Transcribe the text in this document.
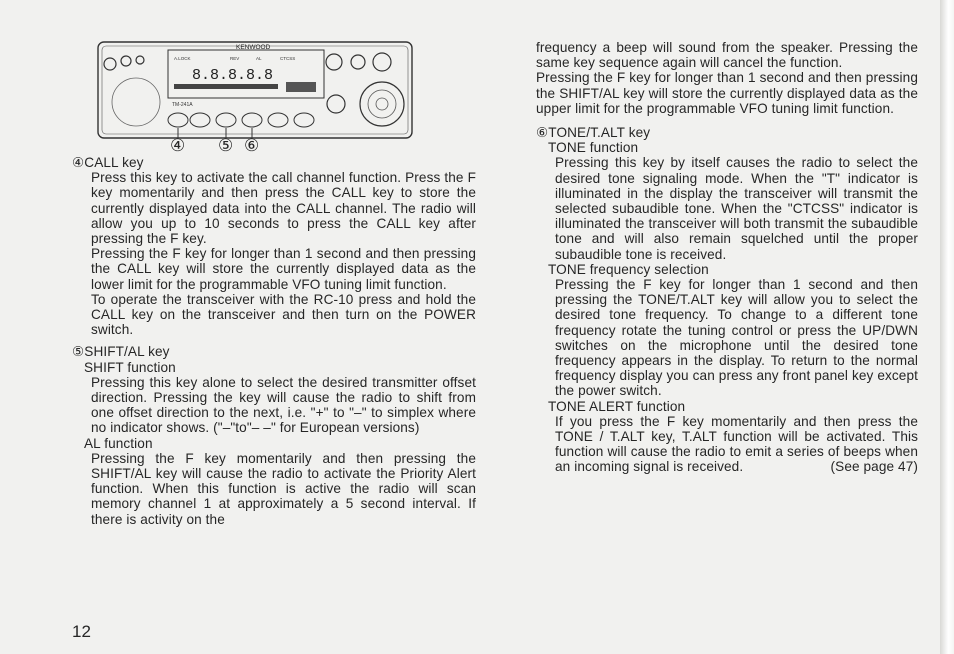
KENWOOD
A.LOCK	REV	AL	CTCSS
8.8.8.8.8
TM-241A
④ ⑤ ⑥

④CALL key

Press this key to activate the call channel function. Press the F key momentarily and then press the CALL key to store the currently displayed data into the CALL channel. The radio will allow you up to 10 seconds to press the CALL key after pressing the F key.

Pressing the F key for longer than 1 second and then pressing the CALL key will store the currently displayed data as the lower limit for the programmable VFO tuning limit function.

To operate the transceiver with the RC-10 press and hold the CALL key on the transceiver and then turn on the POWER switch.

⑤SHIFT/AL key

SHIFT function

Pressing this key alone to select the desired transmitter offset direction. Pressing the key will cause the radio to shift from one offset direction to the next, i.e. "+" to "–" to simplex where no indicator shows. ("–"to"– –" for European versions)

AL function

Pressing the F key momentarily and then pressing the SHIFT/AL key will cause the radio to activate the Priority Alert function. When this function is active the radio will scan memory channel 1 at approximately a 5 second interval. If there is activity on the

12

frequency a beep will sound from the speaker. Pressing the same key sequence again will cancel the function.

Pressing the F key for longer than 1 second and then pressing the SHIFT/AL key will store the currently displayed data as the upper limit for the programmable VFO tuning limit function.

⑥TONE/T.ALT key

TONE function

Pressing this key by itself causes the radio to select the desired tone signaling mode. When the "T" indicator is illuminated in the display the transceiver will transmit the selected subaudible tone. When the "CTCSS" indicator is illuminated the transceiver will both transmit the subaudible tone and will also remain squelched until the proper subaudible tone is received.

TONE frequency selection

Pressing the F key for longer than 1 second and then pressing the TONE/T.ALT key will allow you to select the desired tone frequency. To change to a different tone frequency rotate the tuning control or press the UP/DWN switches on the microphone until the desired tone frequency appears in the display. To return to the normal frequency display you can press any front panel key except the power switch.

TONE ALERT function

If you press the F key momentarily and then press the TONE / T.ALT key, T.ALT function will be activated. This function will cause the radio to emit a series of beeps when an incoming signal is received.	(See page 47)
